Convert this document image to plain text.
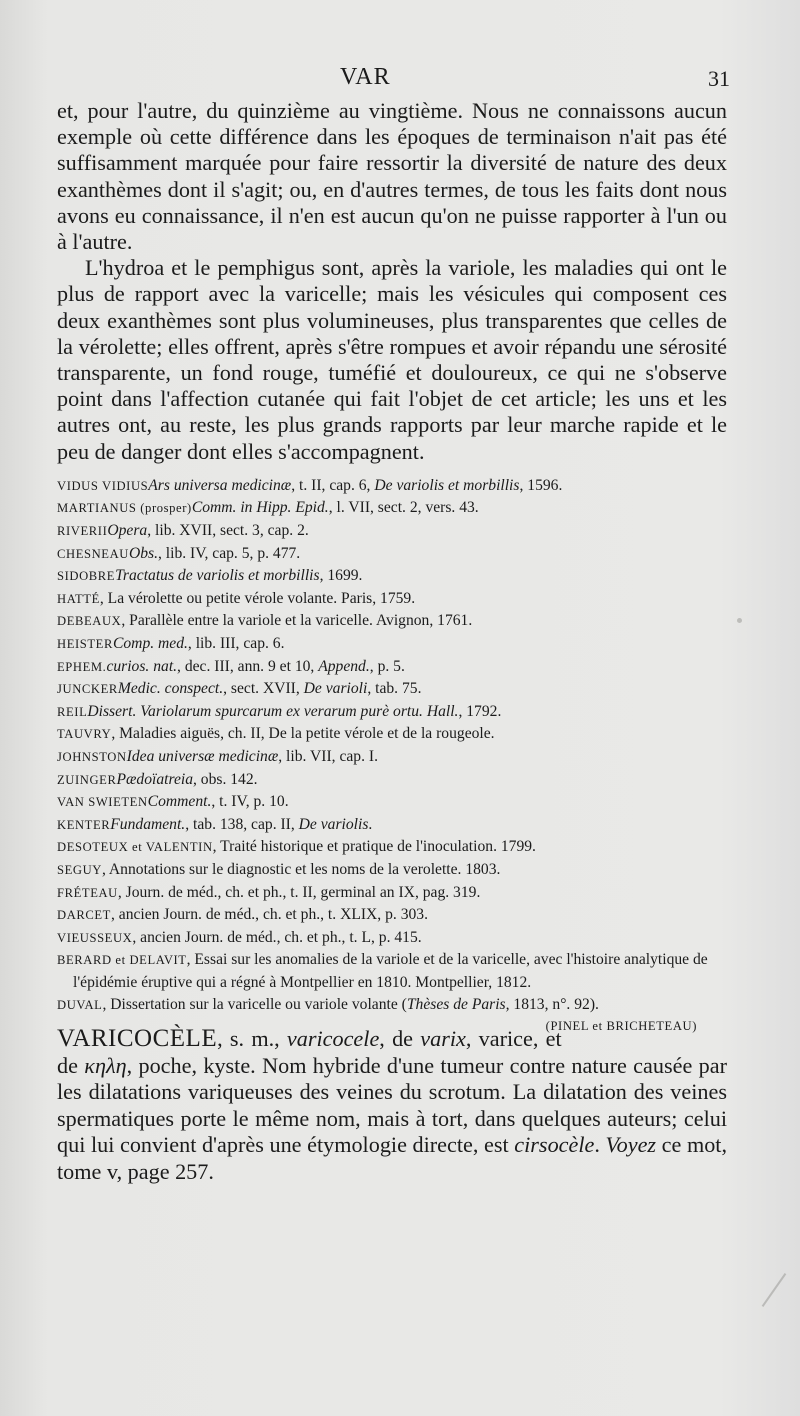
VAR	31

et, pour l'autre, du quinzième au vingtième. Nous ne connaissons aucun exemple où cette différence dans les époques de terminaison n'ait pas été suffisamment marquée pour faire ressortir la diversité de nature des deux exanthèmes dont il s'agit; ou, en d'autres termes, de tous les faits dont nous avons eu connaissance, il n'en est aucun qu'on ne puisse rapporter à l'un ou à l'autre.

L'hydroa et le pemphigus sont, après la variole, les maladies qui ont le plus de rapport avec la varicelle; mais les vésicules qui composent ces deux exanthèmes sont plus volumineuses, plus transparentes que celles de la vérolette; elles offrent, après s'être rompues et avoir répandu une sérosité transparente, un fond rouge, tuméfié et douloureux, ce qui ne s'observe point dans l'affection cutanée qui fait l'objet de cet article; les uns et les autres ont, au reste, les plus grands rapports par leur marche rapide et le peu de danger dont elles s'accompagnent.

VIDUS VIDIUSArs universa medicinæ, t. II, cap. 6, De variolis et morbillis, 1596.
MARTIANUS (prosper)Comm. in Hipp. Epid., l. VII, sect. 2, vers. 43.
RIVERIIOpera, lib. XVII, sect. 3, cap. 2.
CHESNEAUObs., lib. IV, cap. 5, p. 477.
SIDOBRETractatus de variolis et morbillis, 1699.
HATTÉ, La vérolette ou petite vérole volante. Paris, 1759.
DEBEAUX, Parallèle entre la variole et la varicelle. Avignon, 1761.
HEISTERComp. med., lib. III, cap. 6.
EPHEM.curios. nat., dec. III, ann. 9 et 10, Append., p. 5.
JUNCKERMedic. conspect., sect. XVII, De varioli, tab. 75.
REILDissert. Variolarum spurcarum ex verarum purè ortu. Hall., 1792.
TAUVRY, Maladies aiguës, ch. II, De la petite vérole et de la rougeole.
JOHNSTONIdea universæ medicinæ, lib. VII, cap. I.
ZUINGERPædoïatreia, obs. 142.
VAN SWIETENComment., t. IV, p. 10.
KENTERFundament., tab. 138, cap. II, De variolis.
DESOTEUX et VALENTIN, Traité historique et pratique de l'inoculation. 1799.
SEGUY, Annotations sur le diagnostic et les noms de la verolette. 1803.
FRÉTEAU, Journ. de méd., ch. et ph., t. II, germinal an IX, pag. 319.
DARCET, ancien Journ. de méd., ch. et ph., t. XLIX, p. 303.
VIEUSSEUX, ancien Journ. de méd., ch. et ph., t. L, p. 415.
BERARD et DELAVIT, Essai sur les anomalies de la variole et de la varicelle, avec l'histoire analytique de l'épidémie éruptive qui a régné à Montpellier en 1810. Montpellier, 1812.
DUVAL, Dissertation sur la varicelle ou variole volante (Thèses de Paris, 1813, n°. 92).
(PINEL et BRICHETEAU)

VARICOCÈLE, s. m., varicocele, de varix, varice, et de κηλη, poche, kyste. Nom hybride d'une tumeur contre nature causée par les dilatations variqueuses des veines du scrotum. La dilatation des veines spermatiques porte le même nom, mais à tort, dans quelques auteurs; celui qui lui convient d'après une étymologie directe, est cirsocèle. Voyez ce mot, tome v, page 257.
